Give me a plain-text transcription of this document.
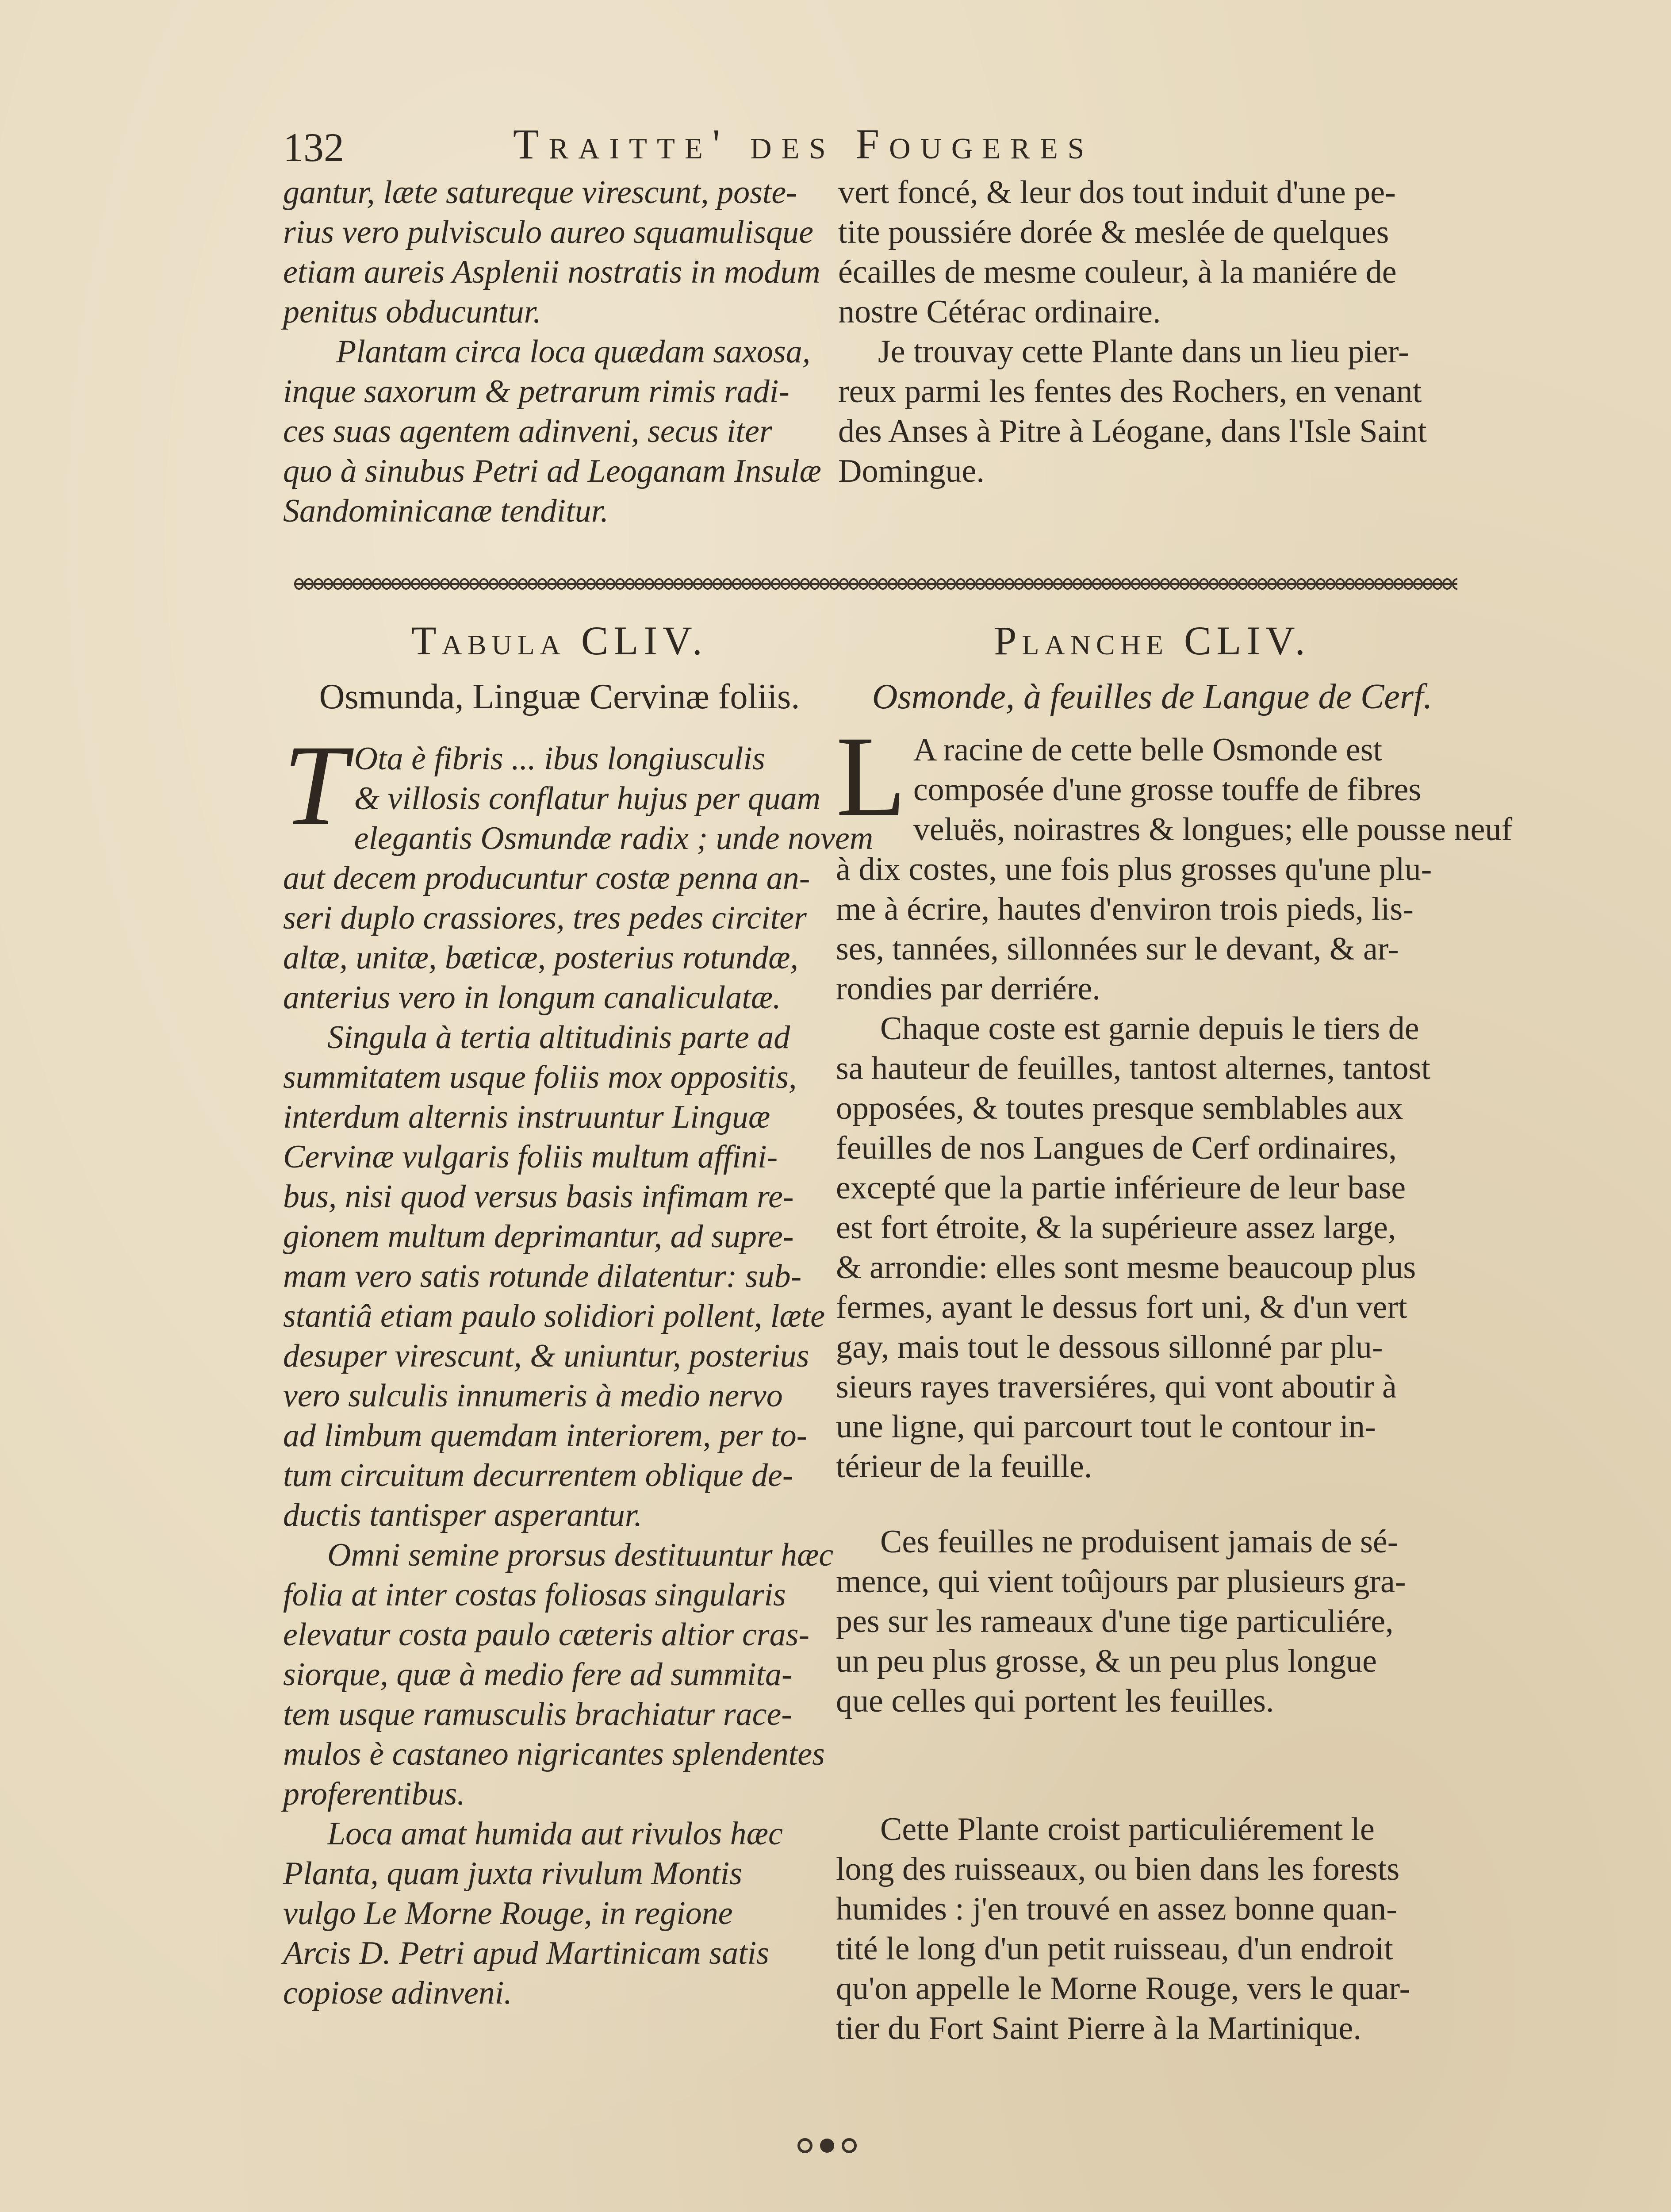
132	Traitte' des Fougeres

gantur, læte satureque virescunt, poste-
rius vero pulvisculo aureo squamulisque
etiam aureis Asplenii nostratis in modum
penitus obducuntur.
Plantam circa loca quædam saxosa,
inque saxorum & petrarum rimis radi-
ces suas agentem adinveni, secus iter
quo à sinubus Petri ad Leoganam Insulæ
Sandominicanæ tenditur.

vert foncé, & leur dos tout induit d'une pe-
tite poussiére dorée & meslée de quelques
écailles de mesme couleur, à la maniére de
nostre Cétérac ordinaire.
Je trouvay cette Plante dans un lieu pier-
reux parmi les fentes des Rochers, en venant
des Anses à Pitre à Léogane, dans l'Isle Saint
Domingue.

Tabula CLIV.	Planche CLIV.
Osmunda, Linguæ Cervinæ foliis.	Osmonde, à feuilles de Langue de Cerf.

T Ota è fibris ... ibus longiusculis
& villosis conflatur hujus per quam
elegantis Osmundæ radix ; unde novem
aut decem producuntur costæ penna an-
seri duplo crassiores, tres pedes circiter
altæ, unitæ, bæticæ, posterius rotundæ,
anterius vero in longum canaliculatæ.

Singula à tertia altitudinis parte ad
summitatem usque foliis mox oppositis,
interdum alternis instruuntur Linguæ
Cervinæ vulgaris foliis multum affini-
bus, nisi quod versus basis infimam re-
gionem multum deprimantur, ad supre-
mam vero satis rotunde dilatentur: sub-
stantiâ etiam paulo solidiori pollent, læte
desuper virescunt, & uniuntur, posterius
vero sulculis innumeris à medio nervo
ad limbum quemdam interiorem, per to-
tum circuitum decurrentem oblique de-
ductis tantisper asperantur.

Omni semine prorsus destituuntur hæc
folia at inter costas foliosas singularis
elevatur costa paulo cæteris altior cras-
siorque, quæ à medio fere ad summita-
tem usque ramusculis brachiatur race-
mulos è castaneo nigricantes splendentes
proferentibus.

Loca amat humida aut rivulos hæc
Planta, quam juxta rivulum Montis
vulgo Le Morne Rouge, in regione
Arcis D. Petri apud Martinicam satis
copiose adinveni.

L A racine de cette belle Osmonde est
composée d'une grosse touffe de fibres
veluës, noirastres & longues; elle pousse neuf
à dix costes, une fois plus grosses qu'une plu-
me à écrire, hautes d'environ trois pieds, lis-
ses, tannées, sillonnées sur le devant, & ar-
rondies par derriére.

Chaque coste est garnie depuis le tiers de
sa hauteur de feuilles, tantost alternes, tantost
opposées, & toutes presque semblables aux
feuilles de nos Langues de Cerf ordinaires,
excepté que la partie inférieure de leur base
est fort étroite, & la supérieure assez large,
& arrondie: elles sont mesme beaucoup plus
fermes, ayant le dessus fort uni, & d'un vert
gay, mais tout le dessous sillonné par plu-
sieurs rayes traversiéres, qui vont aboutir à
une ligne, qui parcourt tout le contour in-
térieur de la feuille.

Ces feuilles ne produisent jamais de sé-
mence, qui vient toûjours par plusieurs gra-
pes sur les rameaux d'une tige particuliére,
un peu plus grosse, & un peu plus longue
que celles qui portent les feuilles.

Cette Plante croist particuliérement le
long des ruisseaux, ou bien dans les forests
humides : j'en trouvé en assez bonne quan-
tité le long d'un petit ruisseau, d'un endroit
qu'on appelle le Morne Rouge, vers le quar-
tier du Fort Saint Pierre à la Martinique.
